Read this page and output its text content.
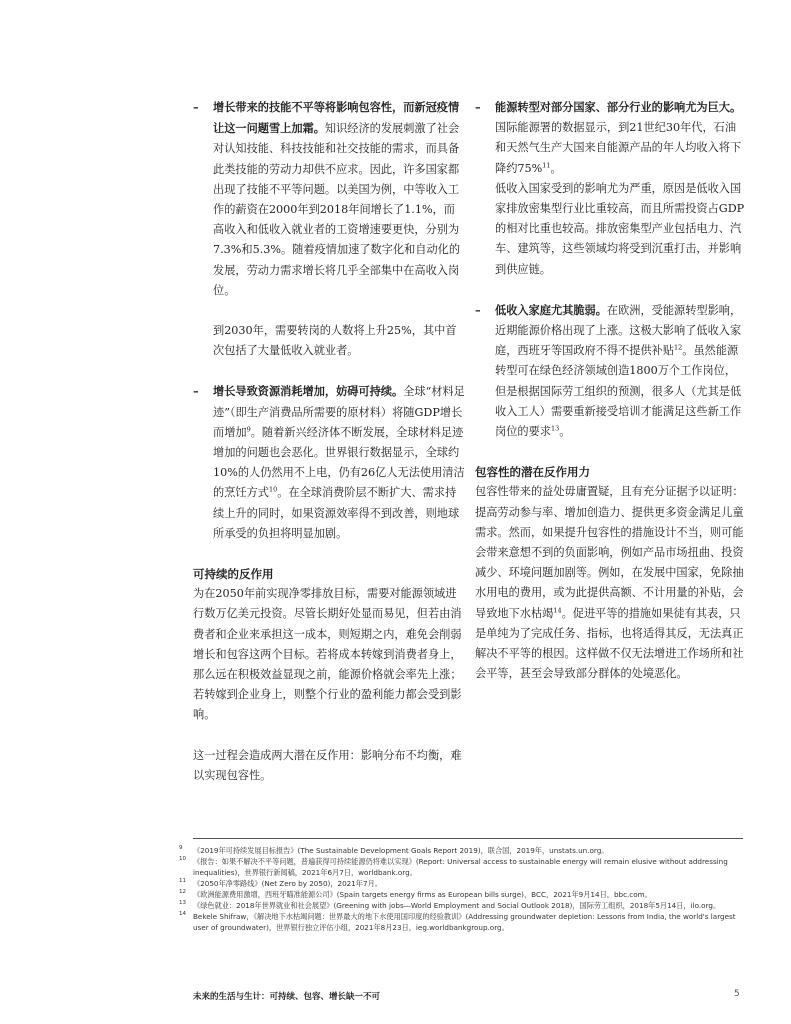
– 增长带来的技能不平等将影响包容性，而新冠疫情让这一问题雪上加霜。知识经济的发展刺激了社会对认知技能、科技技能和社交技能的需求，而具备此类技能的劳动力却供不应求。因此，许多国家都出现了技能不平等问题。以美国为例，中等收入工作的薪资在2000年到2018年间增长了1.1%，而高收入和低收入就业者的工资增速要更快，分别为7.3%和5.3%。随着疫情加速了数字化和自动化的发展，劳动力需求增长将几乎全部集中在高收入岗位。

到2030年，需要转岗的人数将上升25%，其中首次包括了大量低收入就业者。

– 增长导致资源消耗增加，妨碍可持续。全球“材料足迹”（即生产消费品所需要的原材料）将随GDP增长而增加$^9$。随着新兴经济体不断发展，全球材料足迹增加的问题也会恶化。世界银行数据显示，全球约10%的人仍然用不上电，仍有26亿人无法使用清洁的烹饪方式$^{10}$。在全球消费阶层不断扩大、需求持续上升的同时，如果资源效率得不到改善，则地球所承受的负担将明显加剧。

可持续的反作用

为在2050年前实现净零排放目标，需要对能源领域进行数万亿美元投资。尽管长期好处显而易见，但若由消费者和企业来承担这一成本，则短期之内，难免会削弱增长和包容这两个目标。若将成本转嫁到消费者身上，那么远在积极效益显现之前，能源价格就会率先上涨；若转嫁到企业身上，则整个行业的盈利能力都会受到影响。

这一过程会造成两大潜在反作用：影响分布不均衡，难以实现包容性。

– 能源转型对部分国家、部分行业的影响尤为巨大。国际能源署的数据显示，到21世纪30年代，石油和天然气生产大国来自能源产品的年人均收入将下降约75%$^{11}$。

低收入国家受到的影响尤为严重，原因是低收入国家排放密集型行业比重较高，而且所需投资占GDP的相对比重也较高。排放密集型产业包括电力、汽车、建筑等，这些领域均将受到沉重打击，并影响到供应链。

– 低收入家庭尤其脆弱。在欧洲，受能源转型影响，近期能源价格出现了上涨。这极大影响了低收入家庭，西班牙等国政府不得不提供补贴$^{12}$。虽然能源转型可在绿色经济领域创造1800万个工作岗位，但是根据国际劳工组织的预测，很多人（尤其是低收入工人）需要重新接受培训才能满足这些新工作岗位的要求$^{13}$。

包容性的潜在反作用力

包容性带来的益处毋庸置疑，且有充分证据予以证明：提高劳动参与率、增加创造力、提供更多资金满足儿童需求。然而，如果提升包容性的措施设计不当，则可能会带来意想不到的负面影响，例如产品市场扭曲、投资减少、环境问题加剧等。例如，在发展中国家，免除抽水用电的费用，或为此提供高额、不计用量的补贴，会导致地下水枯竭$^{14}$。促进平等的措施如果徒有其表，只是单纯为了完成任务、指标，也将适得其反，无法真正解决不平等的根因。这样做不仅无法增进工作场所和社会平等，甚至会导致部分群体的处境恶化。

9 《2019年可持续发展目标报告》(The Sustainable Development Goals Report 2019)，联合国，2019年，unstats.un.org。
10 《报告：如果不解决不平等问题，普遍获得可持续能源仍将难以实现》(Report: Universal access to sustainable energy will remain elusive without addressing inequalities)，世界银行新闻稿，2021年6月7日，worldbank.org。
11 《2050年净零路线》(Net Zero by 2050)，2021年7月。
12 《欧洲能源费用激增，西班牙瞄准能源公司》(Spain targets energy firms as European bills surge)，BCC，2021年9月14日，bbc.com。
13 《绿色就业：2018年世界就业和社会展望》(Greening with jobs—World Employment and Social Outlook 2018)，国际劳工组织，2018年5月14日，ilo.org。
14 Bekele Shifraw，《解决地下水枯竭问题：世界最大的地下水使用国印度的经验教训》(Addressing groundwater depletion: Lessons from India, the world's largest user of groundwater)，世界银行独立评估小组，2021年8月23日，ieg.worldbankgroup.org。
未来的生活与生计：可持续、包容、增长缺一不可	5
